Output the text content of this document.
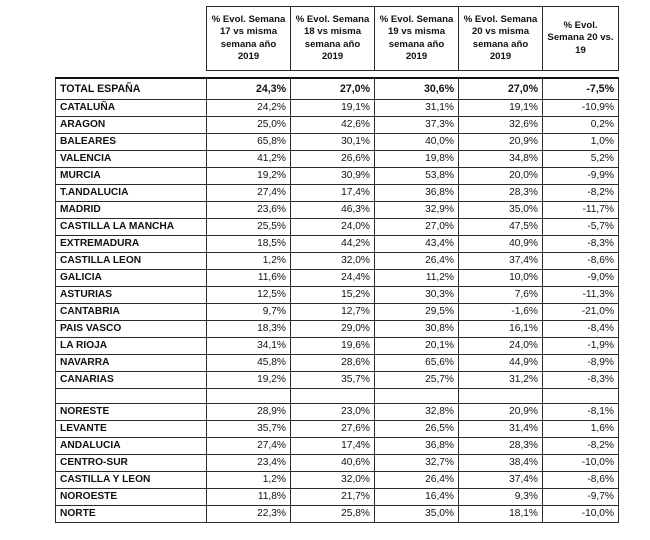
	% Evol. Semana 17 vs misma semana año 2019	% Evol. Semana 18 vs misma semana año 2019	% Evol. Semana 19 vs misma semana año 2019	% Evol. Semana 20 vs misma semana año 2019	% Evol. Semana 20 vs. 19

TOTAL ESPAÑA	24,3%	27,0%	30,6%	27,0%	-7,5%
CATALUÑA	24,2%	19,1%	31,1%	19,1%	-10,9%
ARAGON	25,0%	42,6%	37,3%	32,6%	0,2%
BALEARES	65,8%	30,1%	40,0%	20,9%	1,0%
VALENCIA	41,2%	26,6%	19,8%	34,8%	5,2%
MURCIA	19,2%	30,9%	53,8%	20,0%	-9,9%
T.ANDALUCIA	27,4%	17,4%	36,8%	28,3%	-8,2%
MADRID	23,6%	46,3%	32,9%	35,0%	-11,7%
CASTILLA LA MANCHA	25,5%	24,0%	27,0%	47,5%	-5,7%
EXTREMADURA	18,5%	44,2%	43,4%	40,9%	-8,3%
CASTILLA LEON	1,2%	32,0%	26,4%	37,4%	-8,6%
GALICIA	11,6%	24,4%	11,2%	10,0%	-9,0%
ASTURIAS	12,5%	15,2%	30,3%	7,6%	-11,3%
CANTABRIA	9,7%	12,7%	29,5%	-1,6%	-21,0%
PAIS VASCO	18,3%	29,0%	30,8%	16,1%	-8,4%
LA RIOJA	34,1%	19,6%	20,1%	24,0%	-1,9%
NAVARRA	45,8%	28,6%	65,6%	44,9%	-8,9%
CANARIAS	19,2%	35,7%	25,7%	31,2%	-8,3%

NORESTE	28,9%	23,0%	32,8%	20,9%	-8,1%
LEVANTE	35,7%	27,6%	26,5%	31,4%	1,6%
ANDALUCIA	27,4%	17,4%	36,8%	28,3%	-8,2%
CENTRO-SUR	23,4%	40,6%	32,7%	38,4%	-10,0%
CASTILLA Y LEON	1,2%	32,0%	26,4%	37,4%	-8,6%
NOROESTE	11,8%	21,7%	16,4%	9,3%	-9,7%
NORTE	22,3%	25,8%	35,0%	18,1%	-10,0%
